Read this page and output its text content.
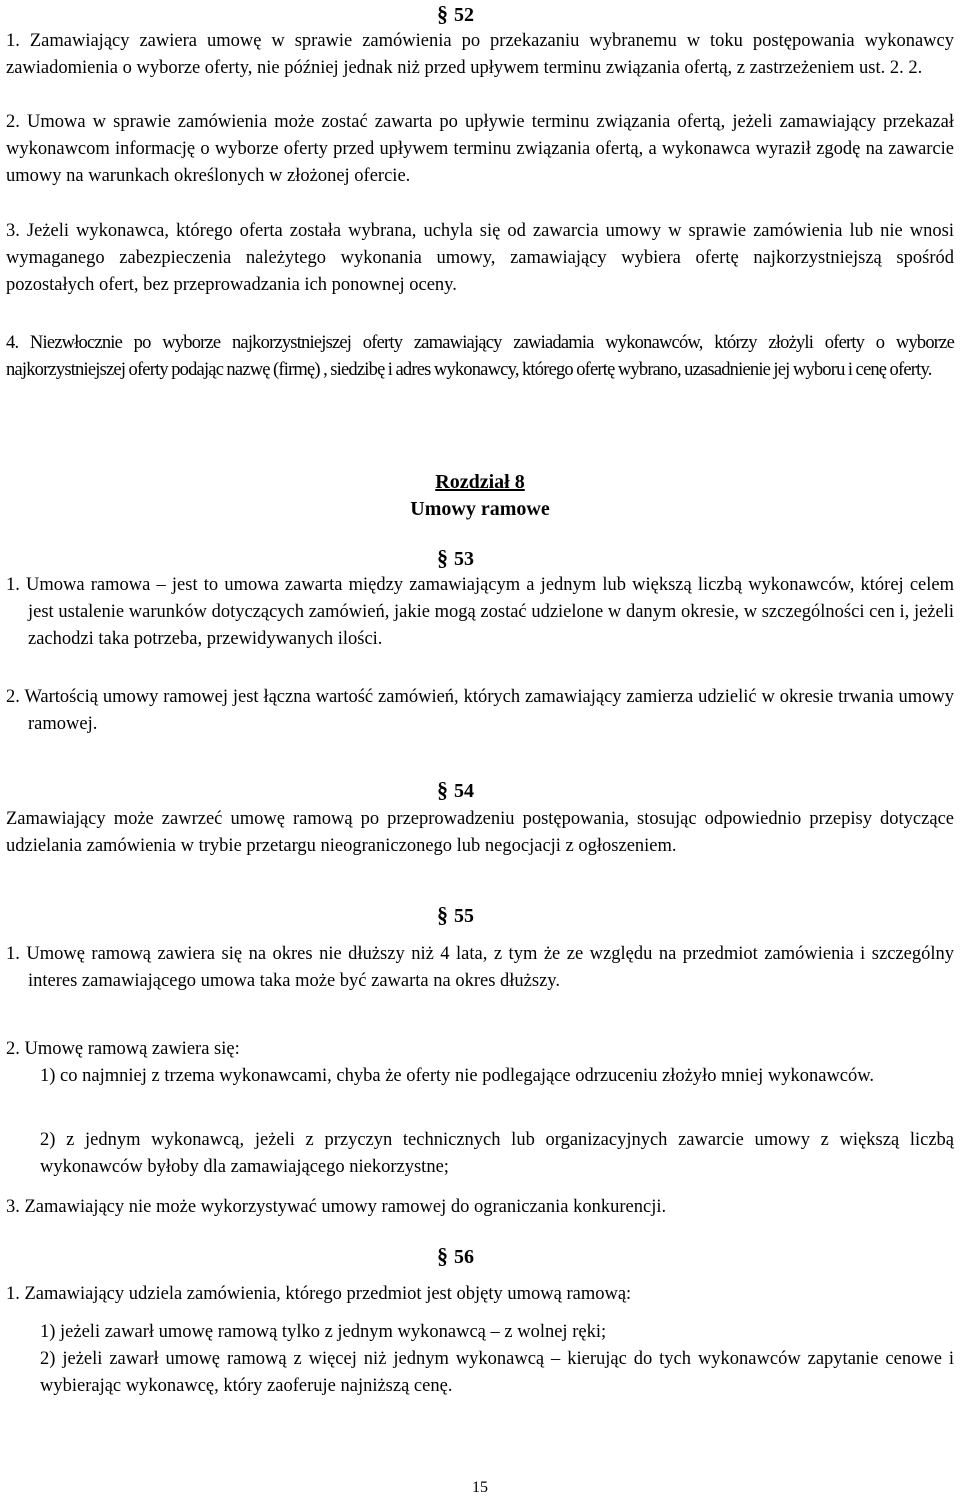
§ 52

1. Zamawiający zawiera umowę w sprawie zamówienia po przekazaniu wybranemu w toku postępowania wykonawcy zawiadomienia o wyborze oferty, nie później jednak niż przed upływem terminu związania ofertą, z zastrzeżeniem ust. 2. 2.

2. Umowa w sprawie zamówienia może zostać zawarta po upływie terminu związania ofertą, jeżeli zamawiający przekazał wykonawcom informację o wyborze oferty przed upływem terminu związania ofertą, a wykonawca wyraził zgodę na zawarcie umowy na warunkach określonych w złożonej ofercie.

3. Jeżeli wykonawca, którego oferta została wybrana, uchyla się od zawarcia umowy w sprawie zamówienia lub nie wnosi wymaganego zabezpieczenia należytego wykonania umowy, zamawiający wybiera ofertę najkorzystniejszą spośród pozostałych ofert, bez przeprowadzania ich ponownej oceny.

4. Niezwłocznie po wyborze najkorzystniejszej oferty zamawiający zawiadamia wykonawców, którzy złożyli oferty o wyborze najkorzystniejszej oferty podając nazwę (firmę) , siedzibę i adres wykonawcy, którego ofertę wybrano, uzasadnienie jej wyboru i cenę oferty.

Rozdział 8
Umowy ramowe
§ 53

1. Umowa ramowa – jest to umowa zawarta między zamawiającym a jednym lub większą liczbą wykonawców, której celem jest ustalenie warunków dotyczących zamówień, jakie mogą zostać udzielone w danym okresie, w szczególności cen i, jeżeli zachodzi taka potrzeba, przewidywanych ilości.

2. Wartością umowy ramowej jest łączna wartość zamówień, których zamawiający zamierza udzielić w okresie trwania umowy ramowej.

§ 54

Zamawiający może zawrzeć umowę ramową po przeprowadzeniu postępowania, stosując odpowiednio przepisy dotyczące udzielania zamówienia w trybie przetargu nieograniczonego lub negocjacji z ogłoszeniem.

§ 55

1. Umowę ramową zawiera się na okres nie dłuższy niż 4 lata, z tym że ze względu na przedmiot zamówienia i szczególny interes zamawiającego umowa taka może być zawarta na okres dłuższy.

2. Umowę ramową zawiera się:

1) co najmniej z trzema wykonawcami, chyba że oferty nie podlegające odrzuceniu złożyło mniej wykonawców.

2) z jednym wykonawcą, jeżeli z przyczyn technicznych lub organizacyjnych zawarcie umowy z większą liczbą wykonawców byłoby dla zamawiającego niekorzystne;

3. Zamawiający nie może wykorzystywać umowy ramowej do ograniczania konkurencji.

§ 56

1. Zamawiający udziela zamówienia, którego przedmiot jest objęty umową ramową:

1) jeżeli zawarł umowę ramową tylko z jednym wykonawcą – z wolnej ręki;

2) jeżeli zawarł umowę ramową z więcej niż jednym wykonawcą – kierując do tych wykonawców zapytanie cenowe i wybierając wykonawcę, który zaoferuje najniższą cenę.

15
